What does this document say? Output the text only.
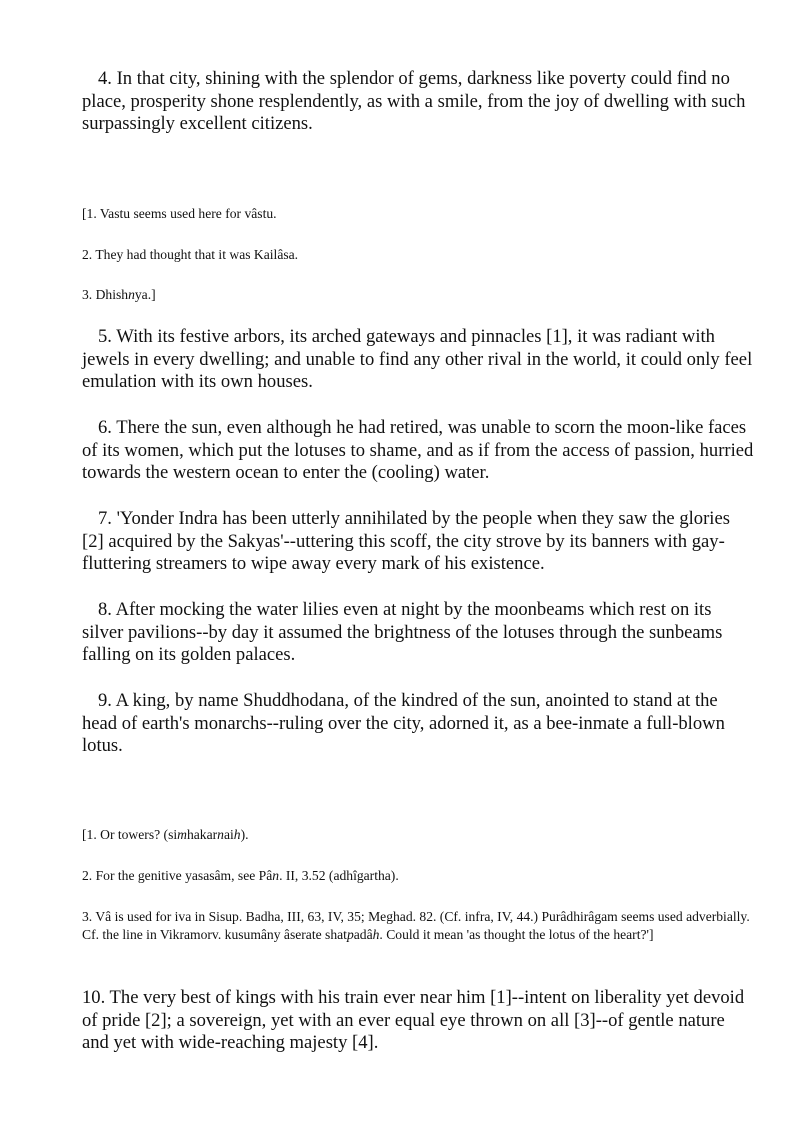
4. In that city, shining with the splendor of gems, darkness like poverty could find no place, prosperity shone resplendently, as with a smile, from the joy of dwelling with such surpassingly excellent citizens.

[1. Vastu seems used here for vâstu.

2. They had thought that it was Kailâsa.

3. Dhishnya.]

5. With its festive arbors, its arched gateways and pinnacles [1], it was radiant with jewels in every dwelling; and unable to find any other rival in the world, it could only feel emulation with its own houses.

6. There the sun, even although he had retired, was unable to scorn the moon-like faces of its women, which put the lotuses to shame, and as if from the access of passion, hurried towards the western ocean to enter the (cooling) water.

7. 'Yonder Indra has been utterly annihilated by the people when they saw the glories [2] acquired by the Sakyas'--uttering this scoff, the city strove by its banners with gay-fluttering streamers to wipe away every mark of his existence.

8. After mocking the water lilies even at night by the moonbeams which rest on its silver pavilions--by day it assumed the brightness of the lotuses through the sunbeams falling on its golden palaces.

9. A king, by name Shuddhodana, of the kindred of the sun, anointed to stand at the head of earth's monarchs--ruling over the city, adorned it, as a bee-inmate a full-blown lotus.

[1. Or towers? (simhakarnaih).

2. For the genitive yasasâm, see Pân. II, 3.52 (adhîgartha).

3. Vâ is used for iva in Sisup. Badha, III, 63, IV, 35; Meghad. 82. (Cf. infra, IV, 44.) Purâdhirâgam seems used adverbially. Cf. the line in Vikramorv. kusumâny âserate shatpadâh. Could it mean 'as thought the lotus of the heart?']

10. The very best of kings with his train ever near him [1]--intent on liberality yet devoid of pride [2]; a sovereign, yet with an ever equal eye thrown on all [3]--of gentle nature and yet with wide-reaching majesty [4].
